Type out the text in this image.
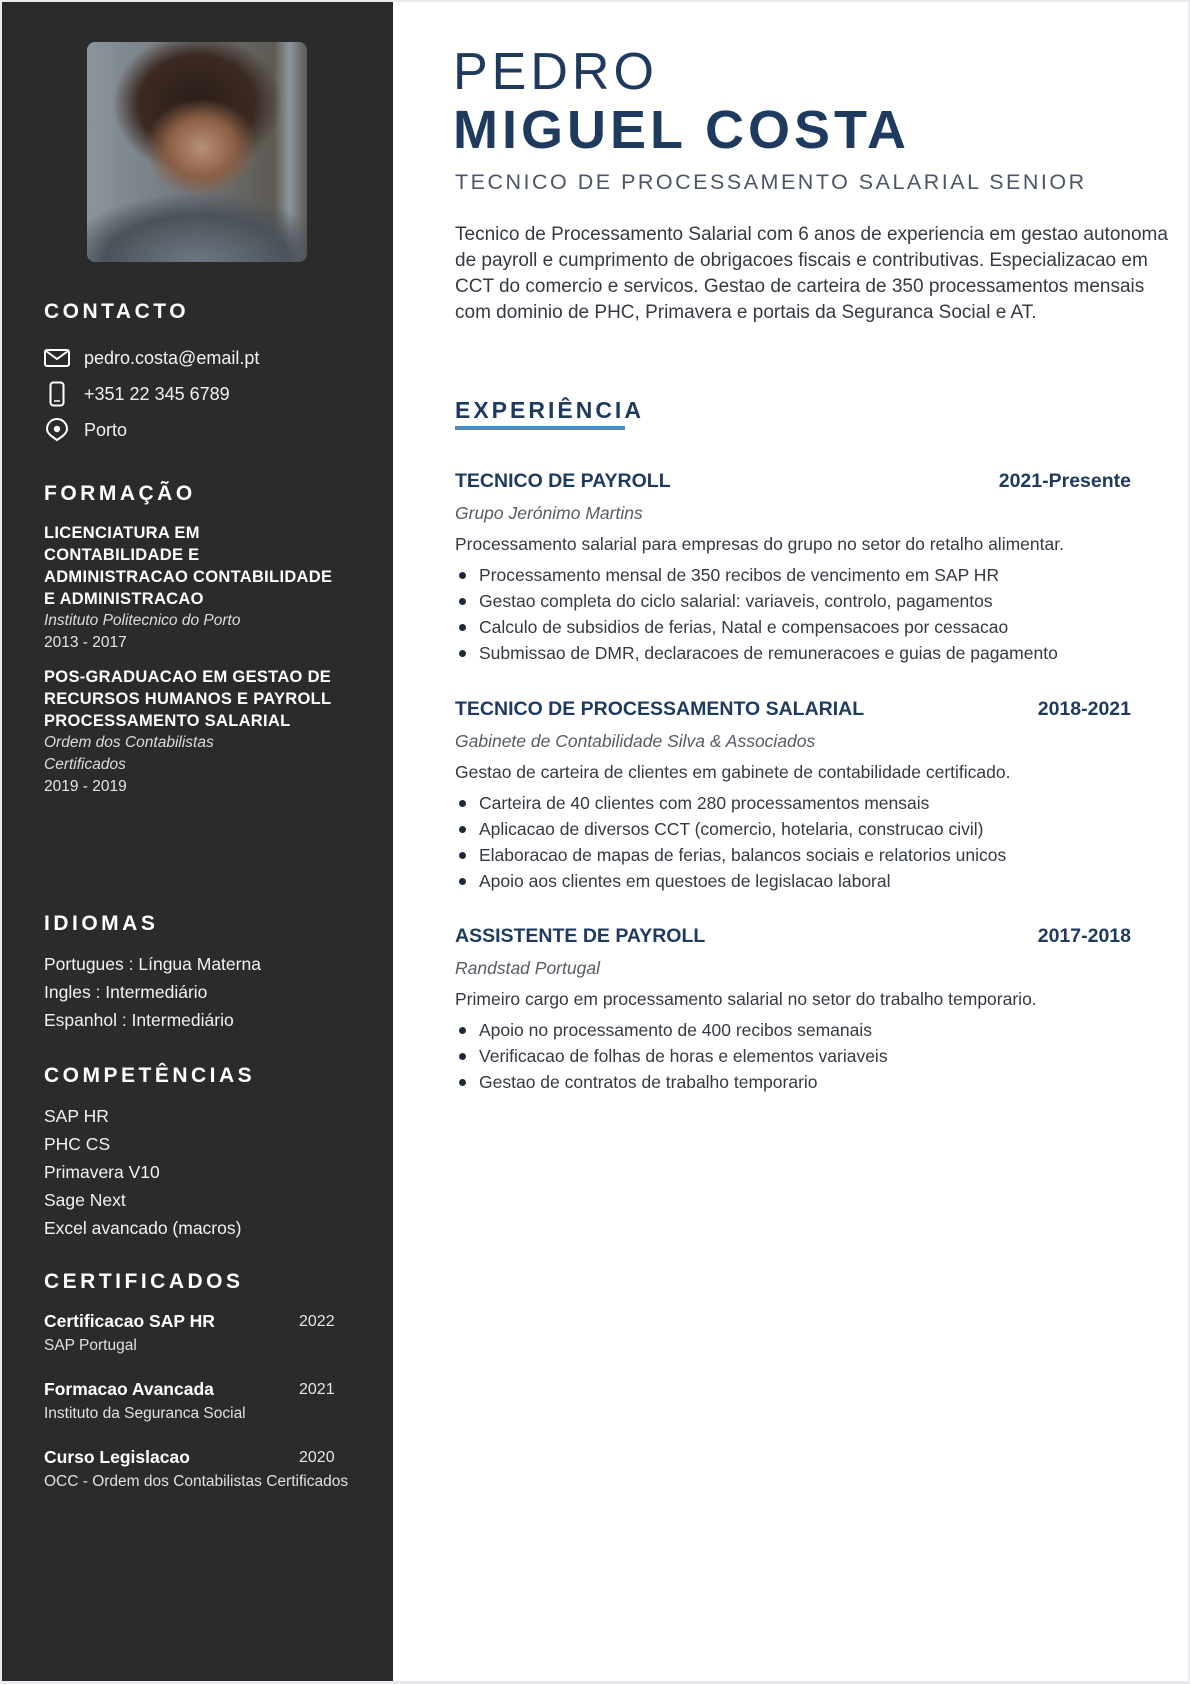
CONTACTO
pedro.costa@email.pt
+351 22 345 6789
Porto
FORMAÇÃO
LICENCIATURA EM CONTABILIDADE E ADMINISTRACAO CONTABILIDADE E ADMINISTRACAO
Instituto Politecnico do Porto
2013 - 2017
POS-GRADUACAO EM GESTAO DE RECURSOS HUMANOS E PAYROLL PROCESSAMENTO SALARIAL
Ordem dos Contabilistas Certificados
2019 - 2019
IDIOMAS
Portugues : Língua Materna
Ingles : Intermediário
Espanhol : Intermediário
COMPETÊNCIAS
SAP HR
PHC CS
Primavera V10
Sage Next
Excel avancado (macros)
CERTIFICADOS
Certificacao SAP HR	2022
SAP Portugal
Formacao Avancada	2021
Instituto da Seguranca Social
Curso Legislacao	2020
OCC - Ordem dos Contabilistas Certificados
PEDRO
MIGUEL COSTA
TECNICO DE PROCESSAMENTO SALARIAL SENIOR

Tecnico de Processamento Salarial com 6 anos de experiencia em gestao autonoma de payroll e cumprimento de obrigacoes fiscais e contributivas. Especializacao em CCT do comercio e servicos. Gestao de carteira de 350 processamentos mensais com dominio de PHC, Primavera e portais da Seguranca Social e AT.

EXPERIÊNCIA
TECNICO DE PAYROLL	2021-Presente
Grupo Jerónimo Martins
Processamento salarial para empresas do grupo no setor do retalho alimentar.
Processamento mensal de 350 recibos de vencimento em SAP HR
Gestao completa do ciclo salarial: variaveis, controlo, pagamentos
Calculo de subsidios de ferias, Natal e compensacoes por cessacao
Submissao de DMR, declaracoes de remuneracoes e guias de pagamento
TECNICO DE PROCESSAMENTO SALARIAL	2018-2021
Gabinete de Contabilidade Silva & Associados
Gestao de carteira de clientes em gabinete de contabilidade certificado.
Carteira de 40 clientes com 280 processamentos mensais
Aplicacao de diversos CCT (comercio, hotelaria, construcao civil)
Elaboracao de mapas de ferias, balancos sociais e relatorios unicos
Apoio aos clientes em questoes de legislacao laboral
ASSISTENTE DE PAYROLL	2017-2018
Randstad Portugal
Primeiro cargo em processamento salarial no setor do trabalho temporario.
Apoio no processamento de 400 recibos semanais
Verificacao de folhas de horas e elementos variaveis
Gestao de contratos de trabalho temporario
